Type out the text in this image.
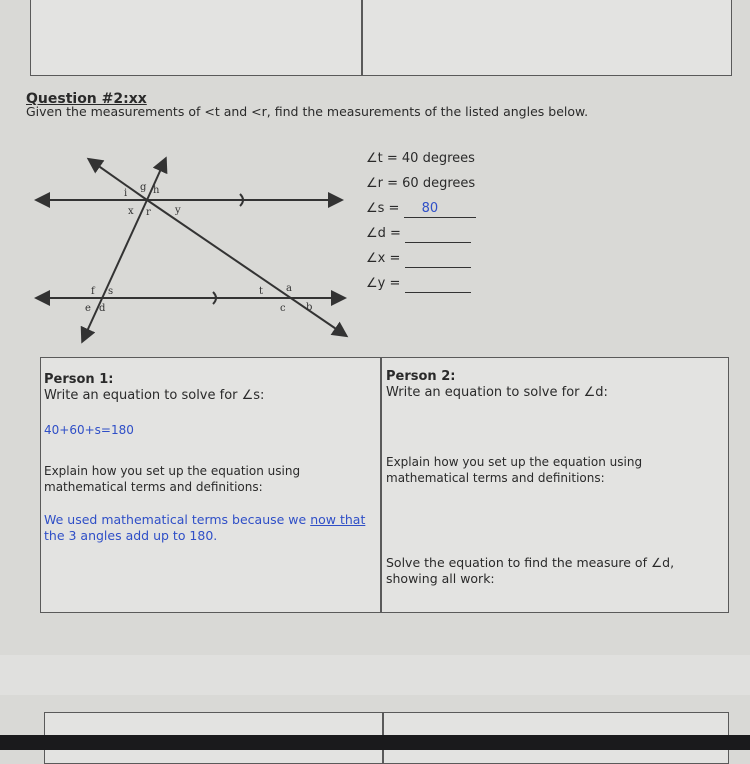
Question #2:xx
Given the measurements of <t and <r, find the measurements of the listed angles below.
i
g h
x r y
f s
e d
t a
c b
∠t = 40 degrees
∠r = 60 degrees
∠s = 80
∠d =
∠x =
∠y =
Person 1:
Write an equation to solve for ∠s:
40+60+s=180
Explain how you set up the equation using mathematical terms and definitions:
We used mathematical terms because we now that the 3 angles add up to 180.
Person 2:
Write an equation to solve for ∠d:
Explain how you set up the equation using mathematical terms and definitions:
Solve the equation to find the measure of ∠d, showing all work:
